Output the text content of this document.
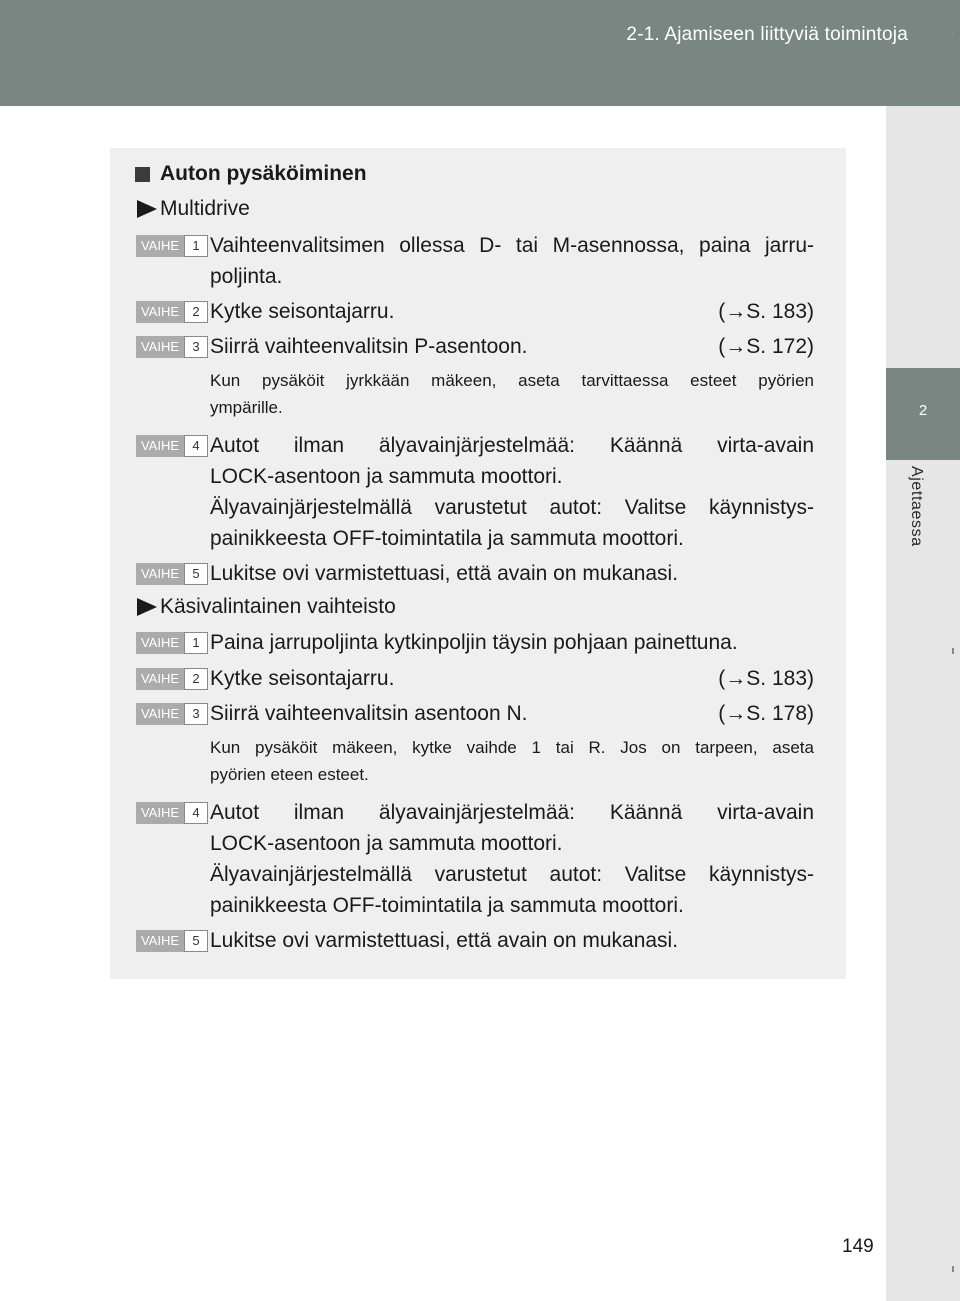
2-1. Ajamiseen liittyviä toimintoja
2
Ajettaessa
Auton pysäköiminen
Multidrive
VAIHE	1 Vaihteenvalitsimen ollessa D- tai M-asennossa, paina jarru-
poljinta.
VAIHE	2 Kytke seisontajarru.	(→S. 183)
VAIHE	3 Siirrä vaihteenvalitsin P-asentoon.	(→S. 172)
Kun pysäköit jyrkkään mäkeen, aseta tarvittaessa esteet pyörien
ympärille.
VAIHE	4 Autot ilman älyavainjärjestelmää: Käännä virta-avain
LOCK-asentoon ja sammuta moottori.
Älyavainjärjestelmällä varustetut autot: Valitse käynnistys-
painikkeesta OFF-toimintatila ja sammuta moottori.
VAIHE	5 Lukitse ovi varmistettuasi, että avain on mukanasi.
Käsivalintainen vaihteisto
VAIHE	1 Paina jarrupoljinta kytkinpoljin täysin pohjaan painettuna.
VAIHE	2 Kytke seisontajarru.	(→S. 183)
VAIHE	3 Siirrä vaihteenvalitsin asentoon N.	(→S. 178)
Kun pysäköit mäkeen, kytke vaihde 1 tai R. Jos on tarpeen, aseta
pyörien eteen esteet.
VAIHE	4 Autot ilman älyavainjärjestelmää: Käännä virta-avain
LOCK-asentoon ja sammuta moottori.
Älyavainjärjestelmällä varustetut autot: Valitse käynnistys-
painikkeesta OFF-toimintatila ja sammuta moottori.
VAIHE	5 Lukitse ovi varmistettuasi, että avain on mukanasi.
149
